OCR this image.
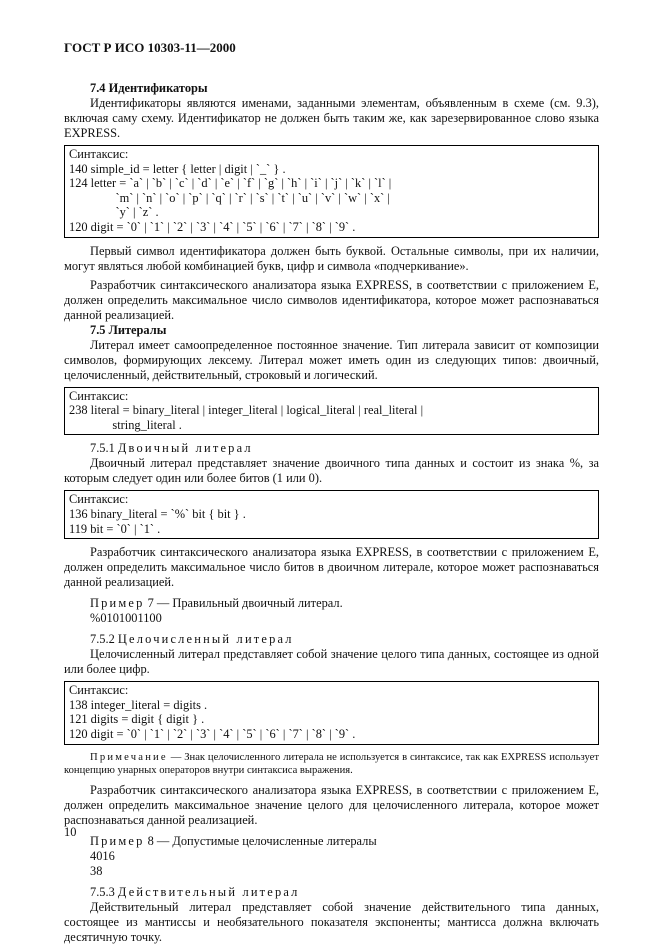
ГОСТ Р ИСО 10303-11—2000

7.4 Идентификаторы

Идентификаторы являются именами, заданными элементам, объявленным в схеме (см. 9.3), включая саму схему. Идентификатор не должен быть таким же, как зарезервированное слово языка EXPRESS.

Синтаксис:
140 simple_id = letter { letter | digit | `_` } .
124 letter = `a` | `b` | `c` | `d` | `e` | `f` | `g` | `h` | `i` | `j` | `k` | `l` |
`m` | `n` | `o` | `p` | `q` | `r` | `s` | `t` | `u` | `v` | `w` | `x` |
`y` | `z` .
120 digit = `0` | `1` | `2` | `3` | `4` | `5` | `6` | `7` | `8` | `9` .

Первый символ идентификатора должен быть буквой. Остальные символы, при их наличии, могут являться любой комбинацией букв, цифр и символа «подчеркивание».

Разработчик синтаксического анализатора языка EXPRESS, в соответствии с приложением E, должен определить максимальное число символов идентификатора, которое может распознаваться данной реализацией.

7.5 Литералы

Литерал имеет самоопределенное постоянное значение. Тип литерала зависит от композиции символов, формирующих лексему. Литерал может иметь один из следующих типов: двоичный, целочисленный, действительный, строковый и логический.

Синтаксис:
238 literal = binary_literal | integer_literal | logical_literal | real_literal |
string_literal .

7.5.1 Двоичный литерал

Двоичный литерал представляет значение двоичного типа данных и состоит из знака %, за которым следует один или более битов (1 или 0).

Синтаксис:
136 binary_literal = `%` bit { bit } .
119 bit = `0` | `1` .

Разработчик синтаксического анализатора языка EXPRESS, в соответствии с приложением E, должен определить максимальное число битов в двоичном литерале, которое может распознаваться данной реализацией.

Пример 7 — Правильный двоичный литерал.

%0101001100

7.5.2 Целочисленный литерал

Целочисленный литерал представляет собой значение целого типа данных, состоящее из одной или более цифр.

Синтаксис:
138 integer_literal = digits .
121 digits = digit { digit } .
120 digit = `0` | `1` | `2` | `3` | `4` | `5` | `6` | `7` | `8` | `9` .

Примечание — Знак целочисленного литерала не используется в синтаксисе, так как EXPRESS использует концепцию унарных операторов внутри синтаксиса выражения.

Разработчик синтаксического анализатора языка EXPRESS, в соответствии с приложением E, должен определить максимальное значение целого для целочисленного литерала, которое может распознаваться данной реализацией.

Пример 8 — Допустимые целочисленные литералы

4016

38

7.5.3 Действительный литерал

Действительный литерал представляет собой значение действительного типа данных, состоящее из мантиссы и необязательного показателя экспоненты; мантисса должна включать десятичную точку.

10
